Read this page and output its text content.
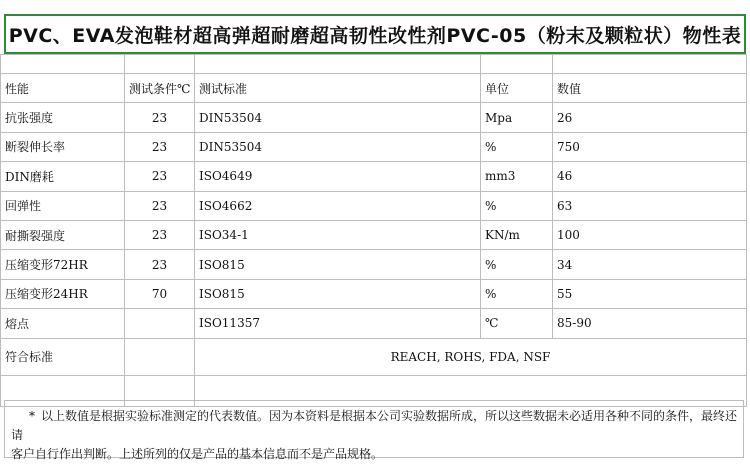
PVC、EVA发泡鞋材超高弹超耐磨超高韧性改性剂PVC-05（粉末及颗粒状）物性表

性能	测试条件℃	测试标准	单位	数值
抗张强度	23	DIN53504	Mpa	26
断裂伸长率	23	DIN53504	%	750
DIN磨耗	23	ISO4649	mm3	46
回弹性	23	ISO4662	%	63
耐撕裂强度	23	ISO34-1	KN/m	100
压缩变形72HR	23	ISO815	%	34
压缩变形24HR	70	ISO815	%	55
熔点		ISO11357	℃	85-90
符合标准		REACH, ROHS, FDA, NSF		

* 以上数值是根据实验标准测定的代表数值。因为本资料是根据本公司实验数据所成，所以这些数据未必适用各种不同的条件，最终还请
客户自行作出判断。上述所列的仅是产品的基本信息而不是产品规格。
